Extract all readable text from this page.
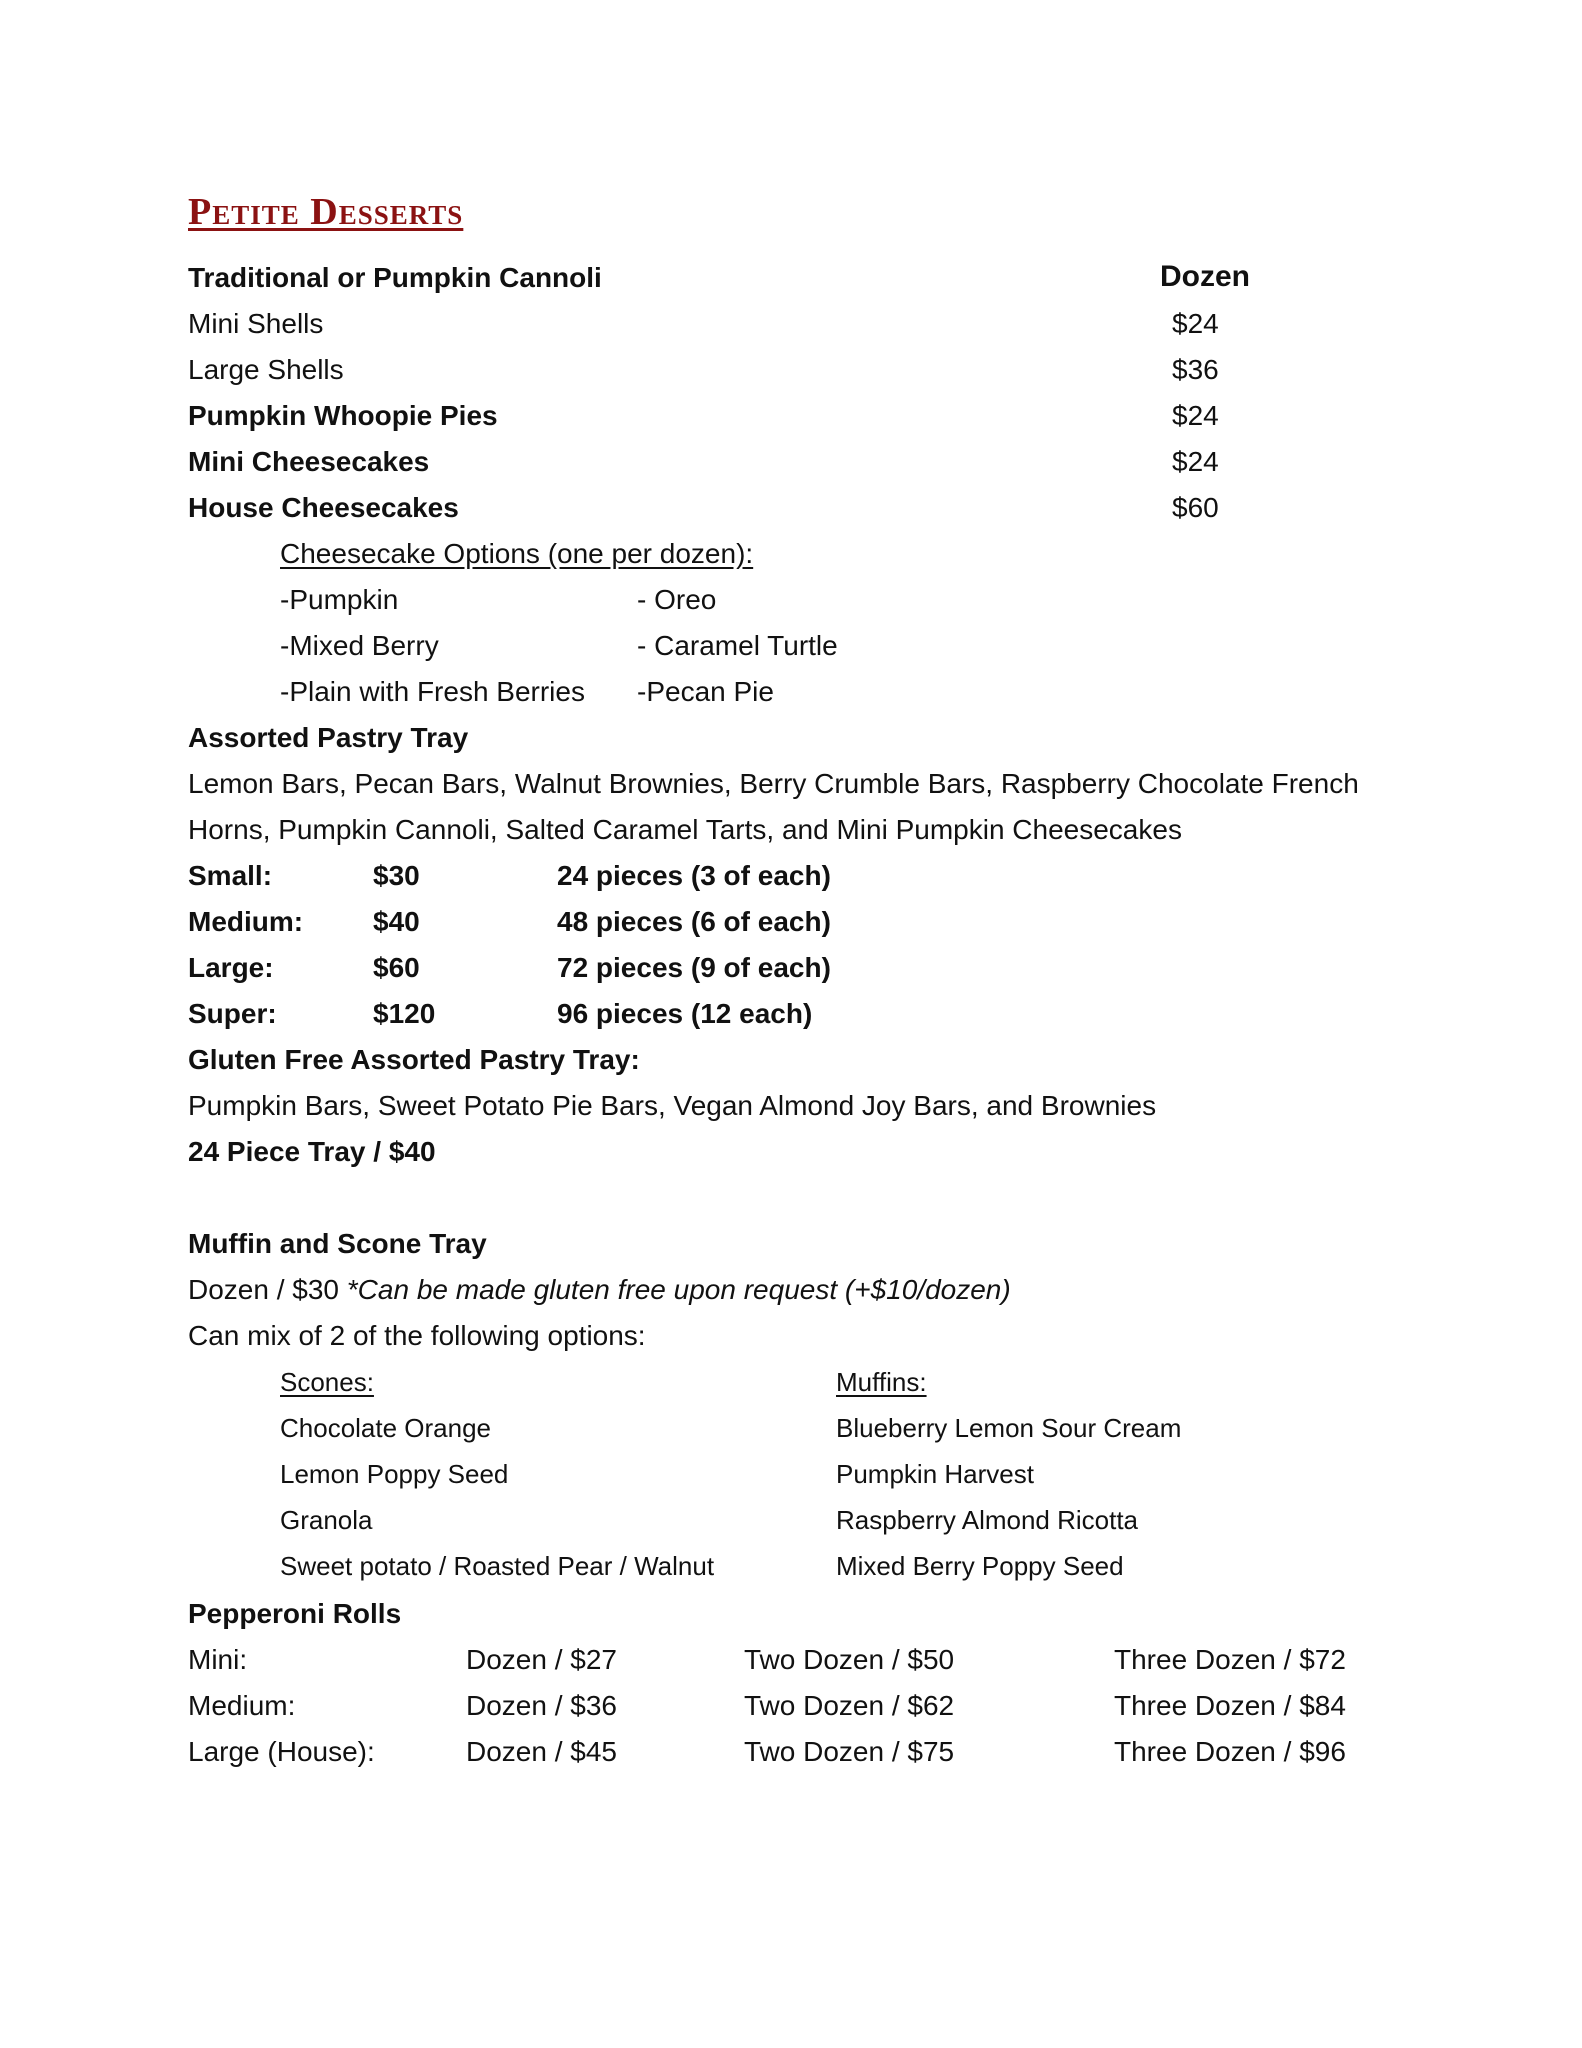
Petite Desserts
Traditional or Pumpkin Cannoli	Dozen
Mini Shells	$24
Large Shells	$36
Pumpkin Whoopie Pies	$24
Mini Cheesecakes	$24
House Cheesecakes	$60
Cheesecake Options (one per dozen):
-Pumpkin	- Oreo
-Mixed Berry	- Caramel Turtle
-Plain with Fresh Berries -Pecan Pie
Assorted Pastry Tray
Lemon Bars, Pecan Bars, Walnut Brownies, Berry Crumble Bars, Raspberry Chocolate French
Horns, Pumpkin Cannoli, Salted Caramel Tarts, and Mini Pumpkin Cheesecakes
Small:	$30	24 pieces (3 of each)
Medium: $40	48 pieces (6 of each)
Large:	$60	72 pieces (9 of each)
Super:	$120	96 pieces (12 each)
Gluten Free Assorted Pastry Tray:
Pumpkin Bars, Sweet Potato Pie Bars, Vegan Almond Joy Bars, and Brownies
24 Piece Tray / $40
Muffin and Scone Tray
Dozen / $30 *Can be made gluten free upon request (+$10/dozen)
Can mix of 2 of the following options:
Scones:	Muffins:
Chocolate Orange	Blueberry Lemon Sour Cream
Lemon Poppy Seed	Pumpkin Harvest
Granola	Raspberry Almond Ricotta
Sweet potato / Roasted Pear / Walnut	Mixed Berry Poppy Seed
Pepperoni Rolls
Mini:	Dozen / $27	Two Dozen / $50	Three Dozen / $72
Medium:	Dozen / $36	Two Dozen / $62	Three Dozen / $84
Large (House):	Dozen / $45	Two Dozen / $75	Three Dozen / $96
